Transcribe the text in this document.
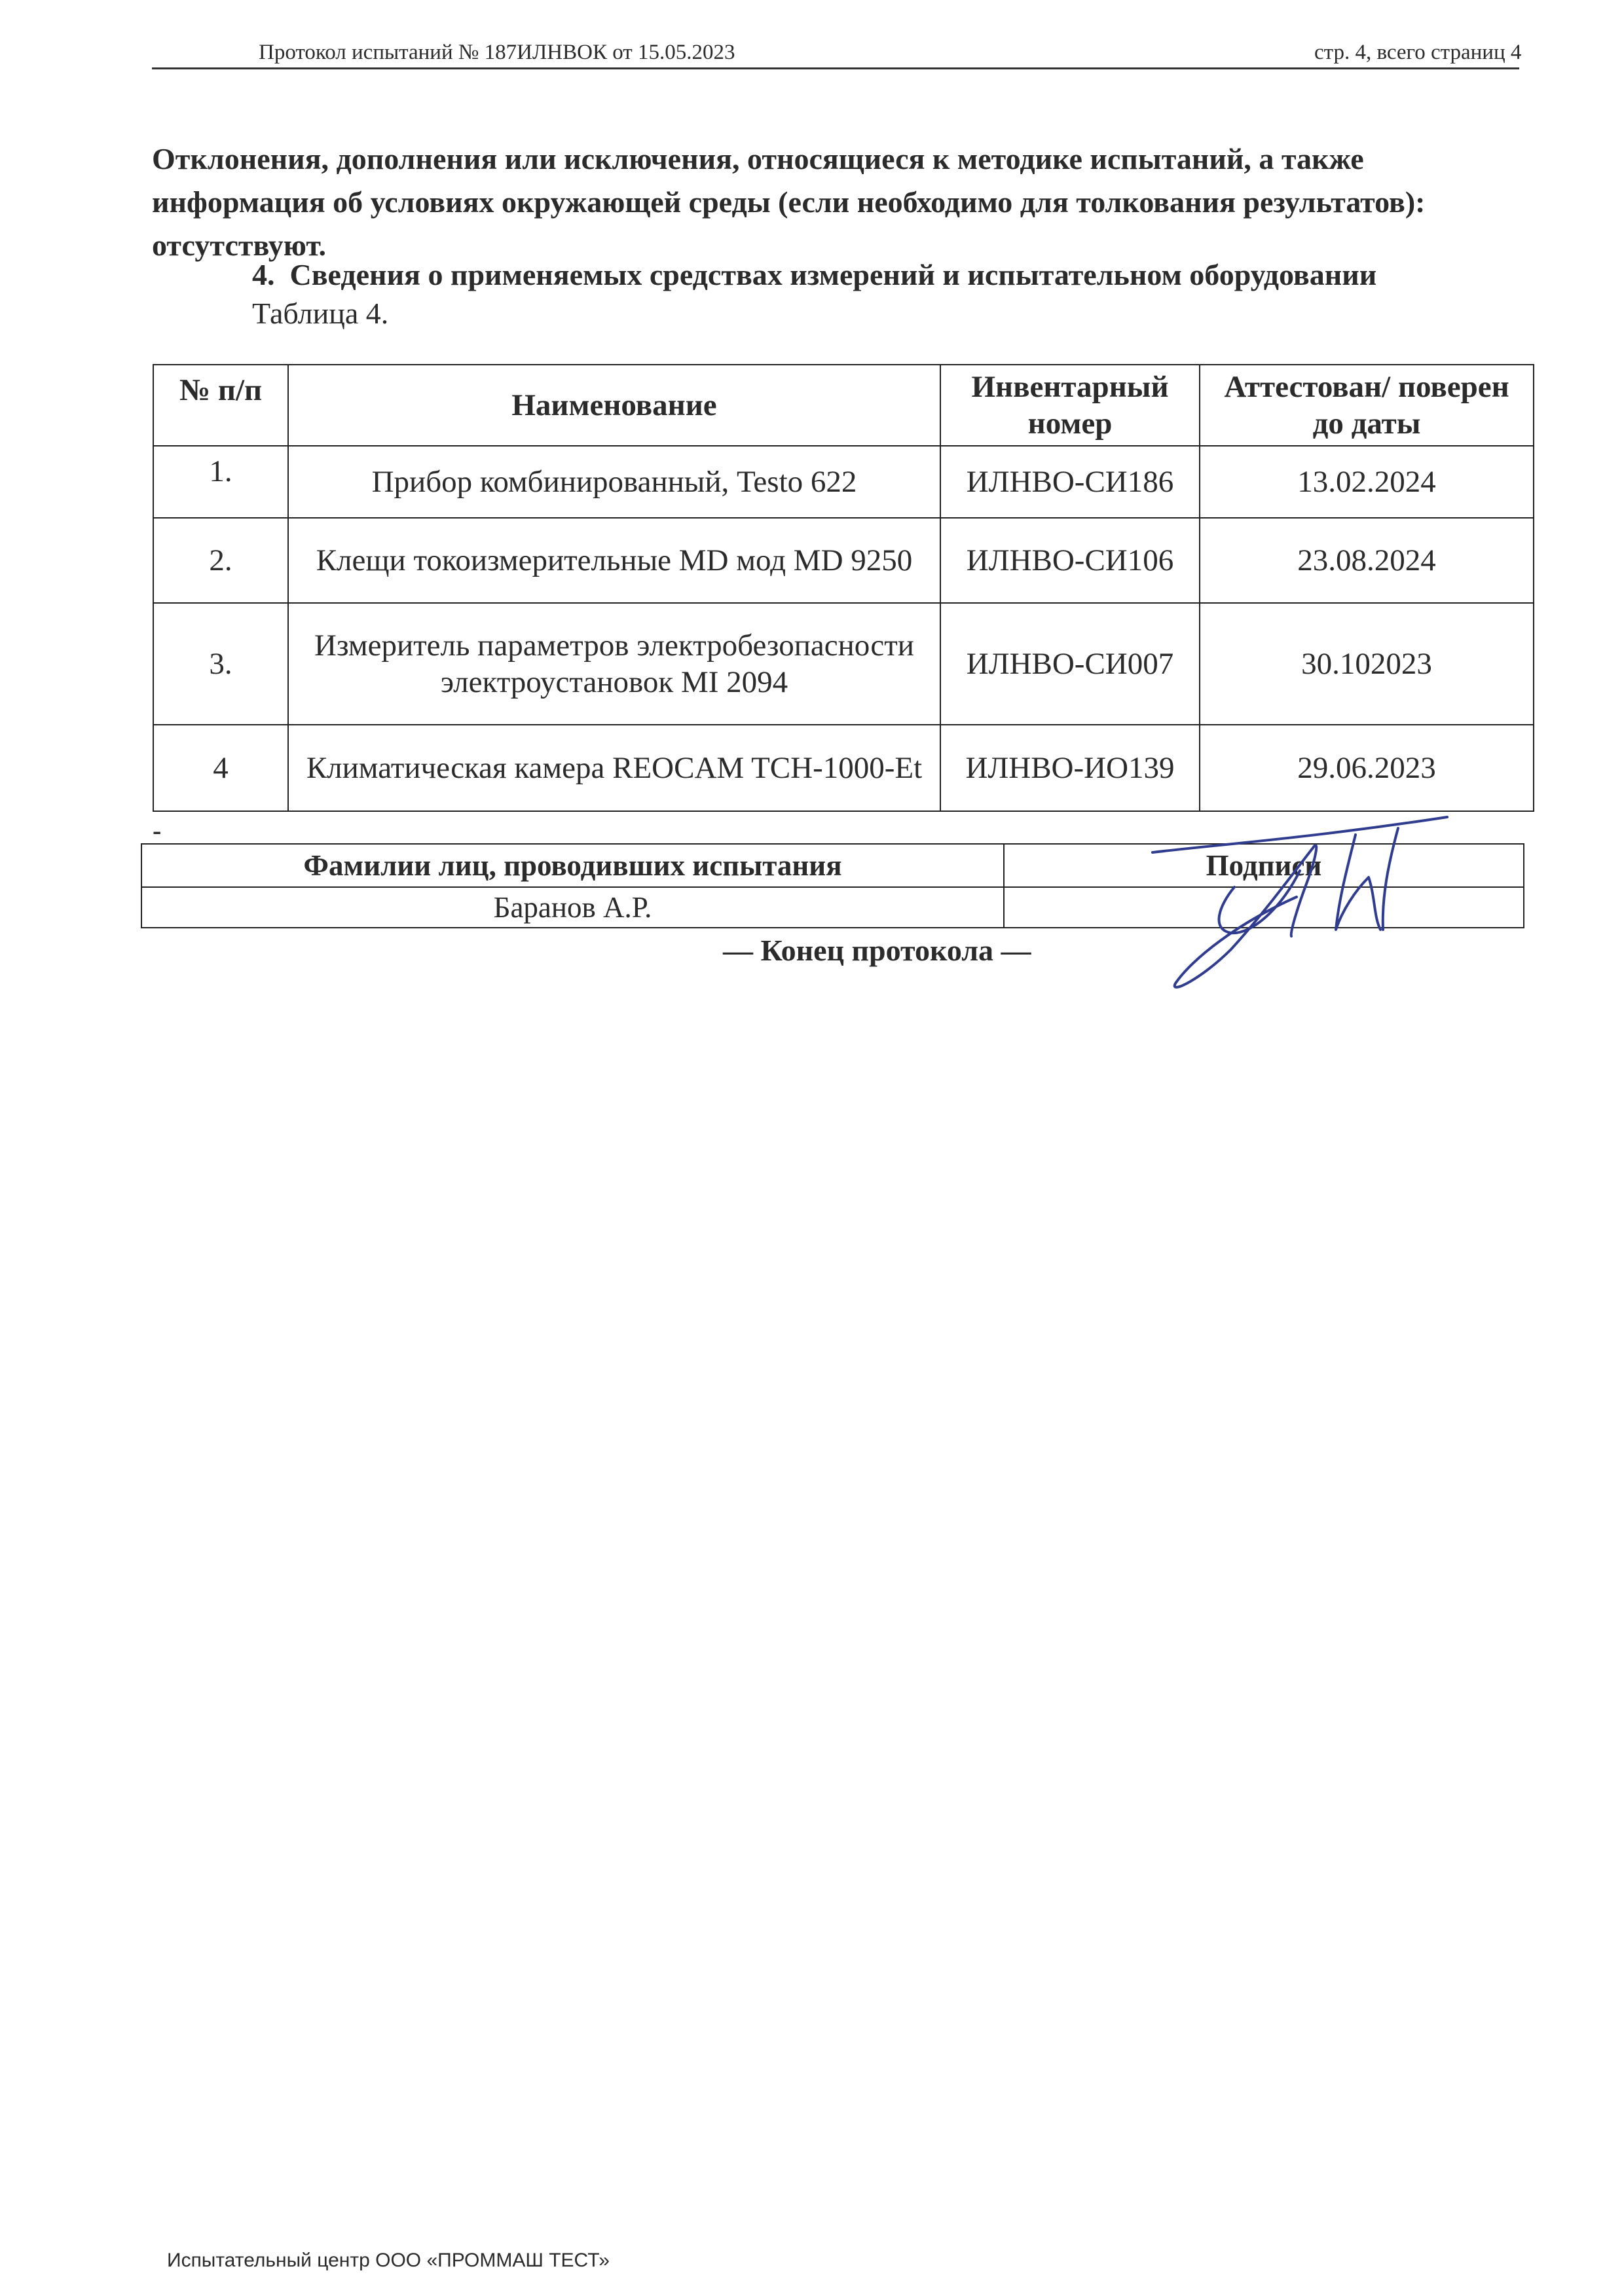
Протокол испытаний № 187ИЛНВОК от 15.05.2023	стр. 4, всего страниц 4
Отклонения, дополнения или исключения, относящиеся к методике испытаний, а также информация об условиях окружающей среды (если необходимо для толкования результатов): отсутствуют.
4. Сведения о применяемых средствах измерений и испытательном оборудовании
Таблица 4.
№ п/п	Наименование	Инвентарный номер	Аттестован/ поверен до даты
1.	Прибор комбинированный, Testo 622	ИЛНВО-СИ186	13.02.2024
2.	Клещи токоизмерительные MD мод MD 9250	ИЛНВО-СИ106	23.08.2024
3.	Измеритель параметров электробезопасности электроустановок MI 2094	ИЛНВО-СИ007	30.102023
4	Климатическая камера REOCAM TCH-1000-Et	ИЛНВО-ИО139	29.06.2023
-
Фамилии лиц, проводивших испытания	Подписи
Баранов А.Р.	
— Конец протокола —
Испытательный центр ООО «ПРОММАШ ТЕСТ»
